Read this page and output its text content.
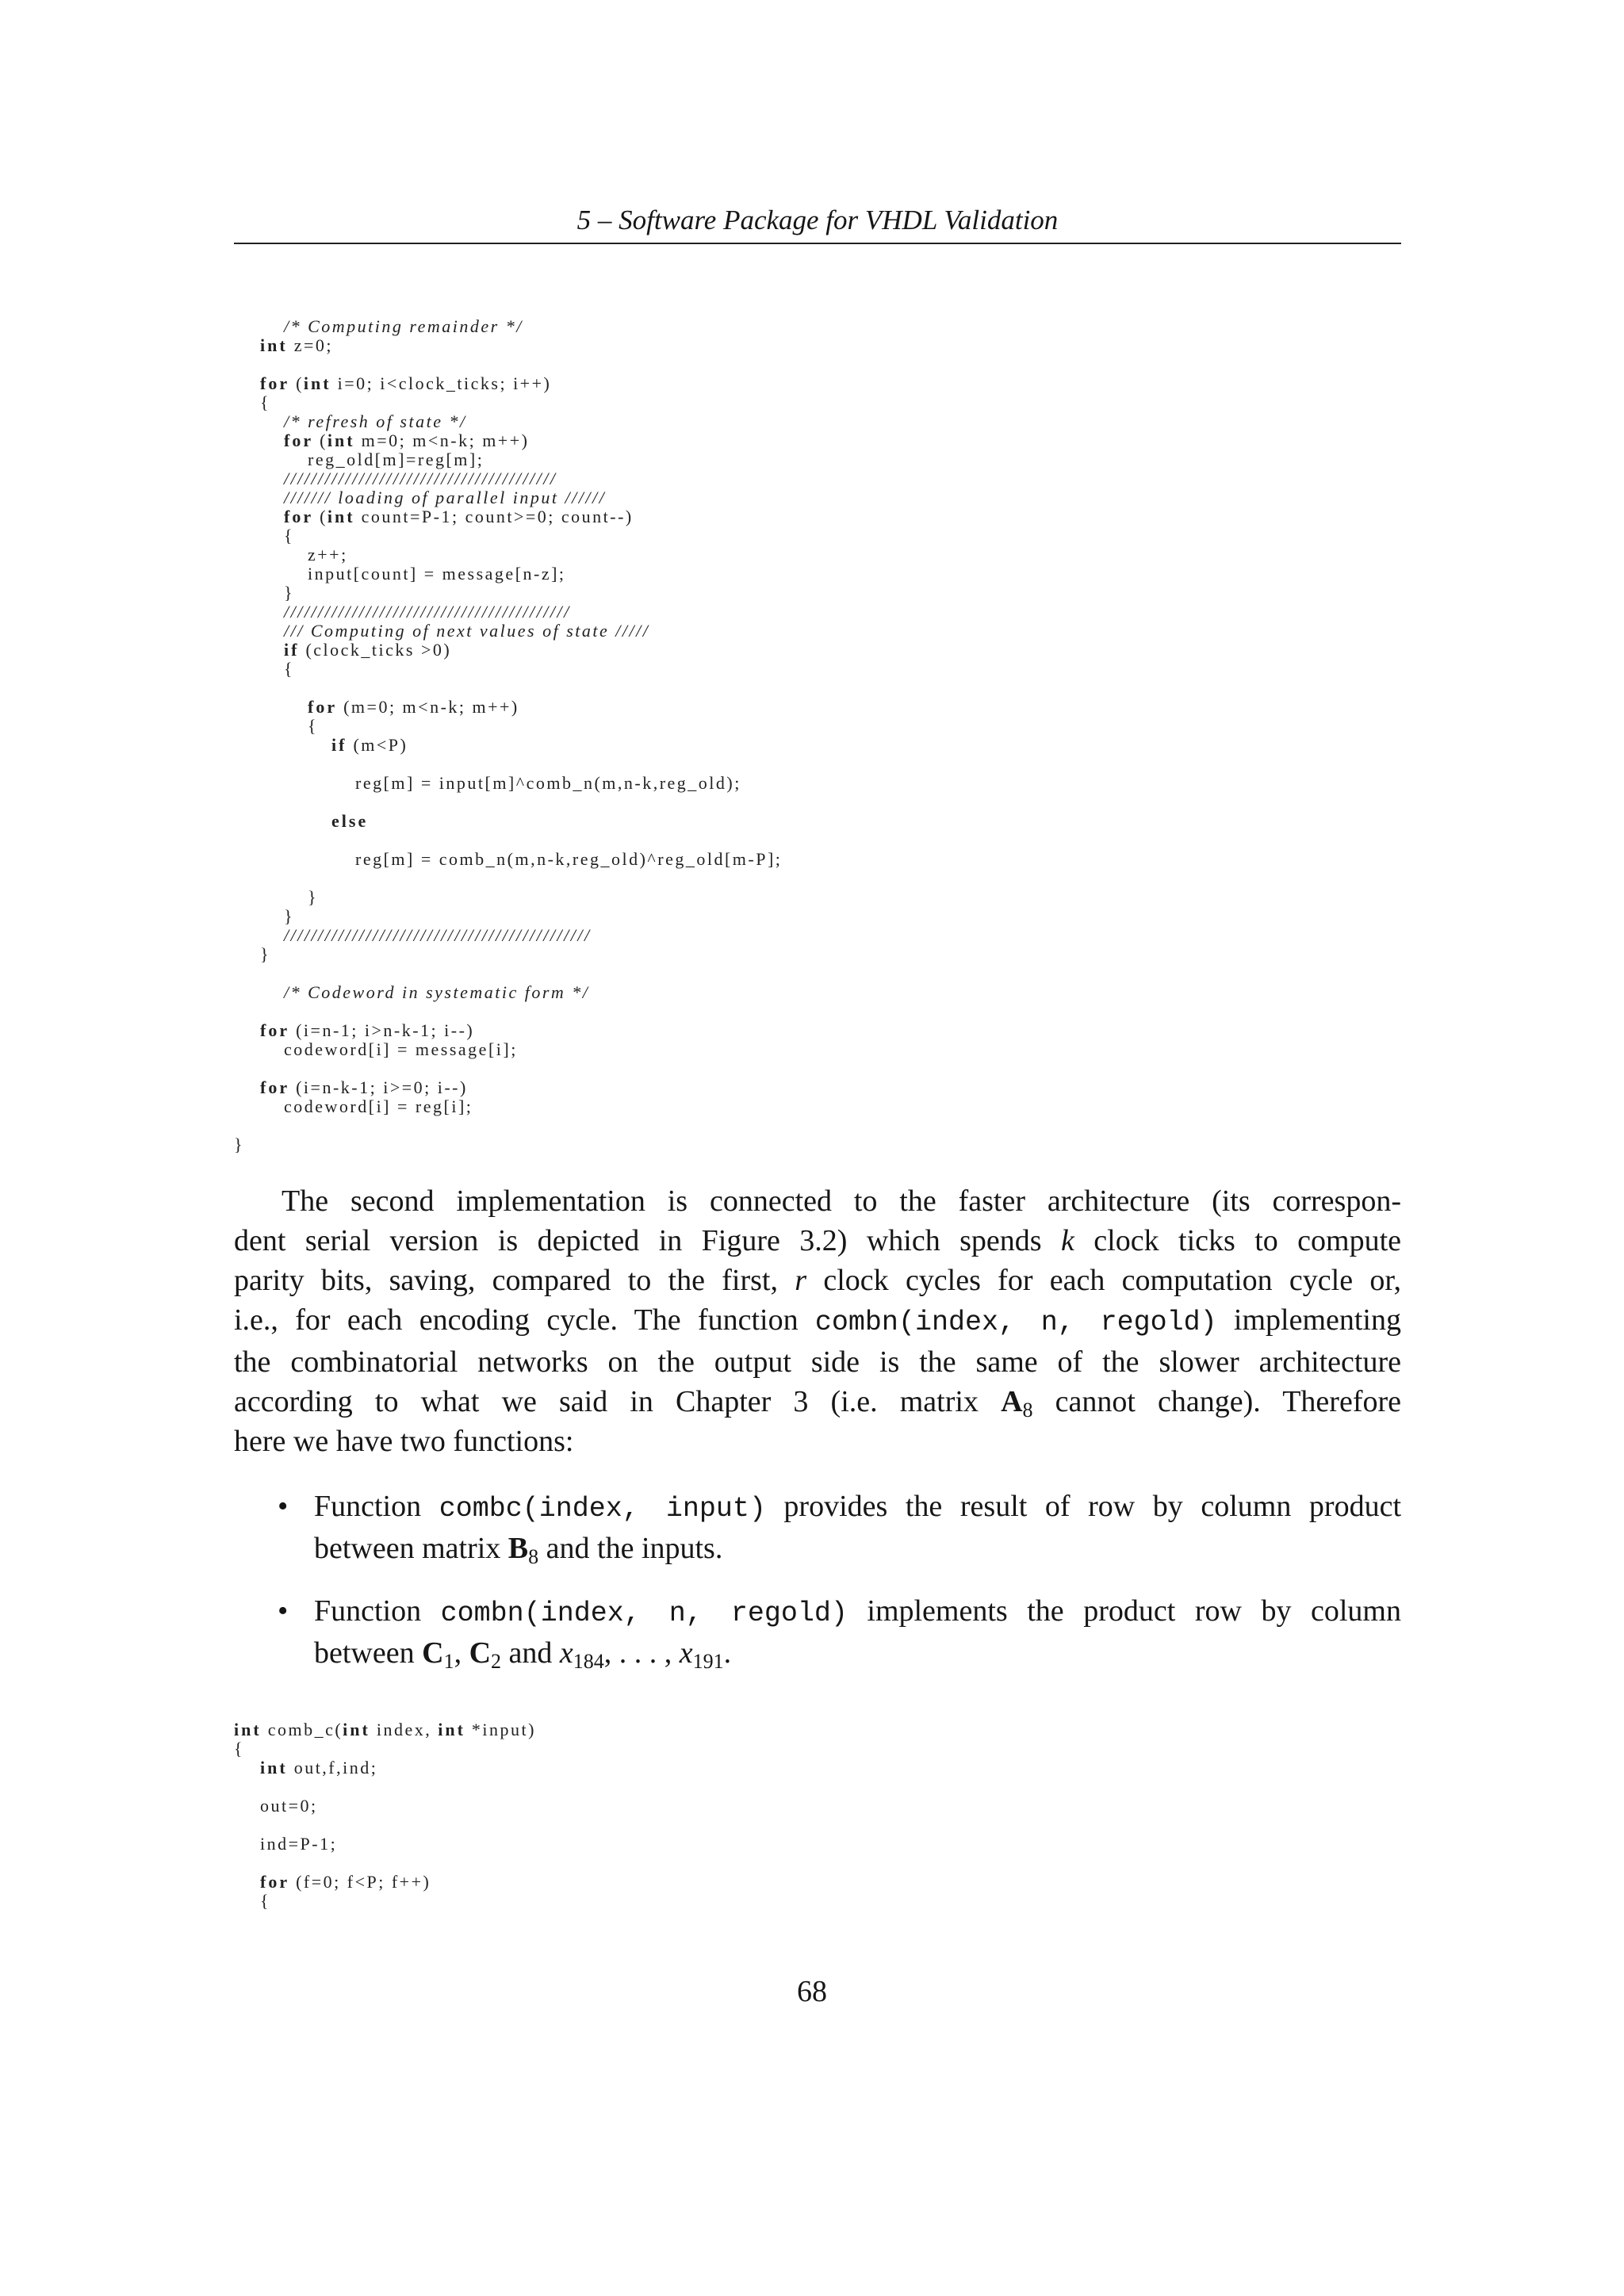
5 – Software Package for VHDL Validation
/* Computing remainder */
int z=0;
for (int i=0; i<clock_ticks; i++)
{
/* refresh of state */
for (int m=0; m<n-k; m++)
reg_old[m]=reg[m];
////////////////////////////////////////
/////// loading of parallel input //////
for (int count=P-1; count>=0; count--)
{
z++;
input[count] = message[n-z];
}
//////////////////////////////////////////
/// Computing of next values of state /////
if (clock_ticks >0)
{
for (m=0; m<n-k; m++)
{
if (m<P)
reg[m] = input[m]^comb_n(m,n-k,reg_old);
else
reg[m] = comb_n(m,n-k,reg_old)^reg_old[m-P];
}
}
/////////////////////////////////////////////
}
/* Codeword in systematic form */
for (i=n-1; i>n-k-1; i--)
codeword[i] = message[i];
for (i=n-k-1; i>=0; i--)
codeword[i] = reg[i];
}
The second implementation is connected to the faster architecture (its correspon-
dent serial version is depicted in Figure 3.2) which spends k clock ticks to compute
parity bits, saving, compared to the first, r clock cycles for each computation cycle or,
i.e., for each encoding cycle. The function combn(index, n, regold) implementing
the combinatorial networks on the output side is the same of the slower architecture
according to what we said in Chapter 3 (i.e. matrix $A_8$ cannot change). Therefore
here we have two functions:
• Function combc(index, input) provides the result of row by column product
between matrix $B_8$ and the inputs.

• Function combn(index, n, regold) implements the product row by column
between $C_1$, $C_2$ and $x_{184}$, . . . , $x_{191}$.

int comb_c(int index, int *input)
{
int out,f,ind;
out=0;
ind=P-1;
for (f=0; f<P; f++)
{
68
